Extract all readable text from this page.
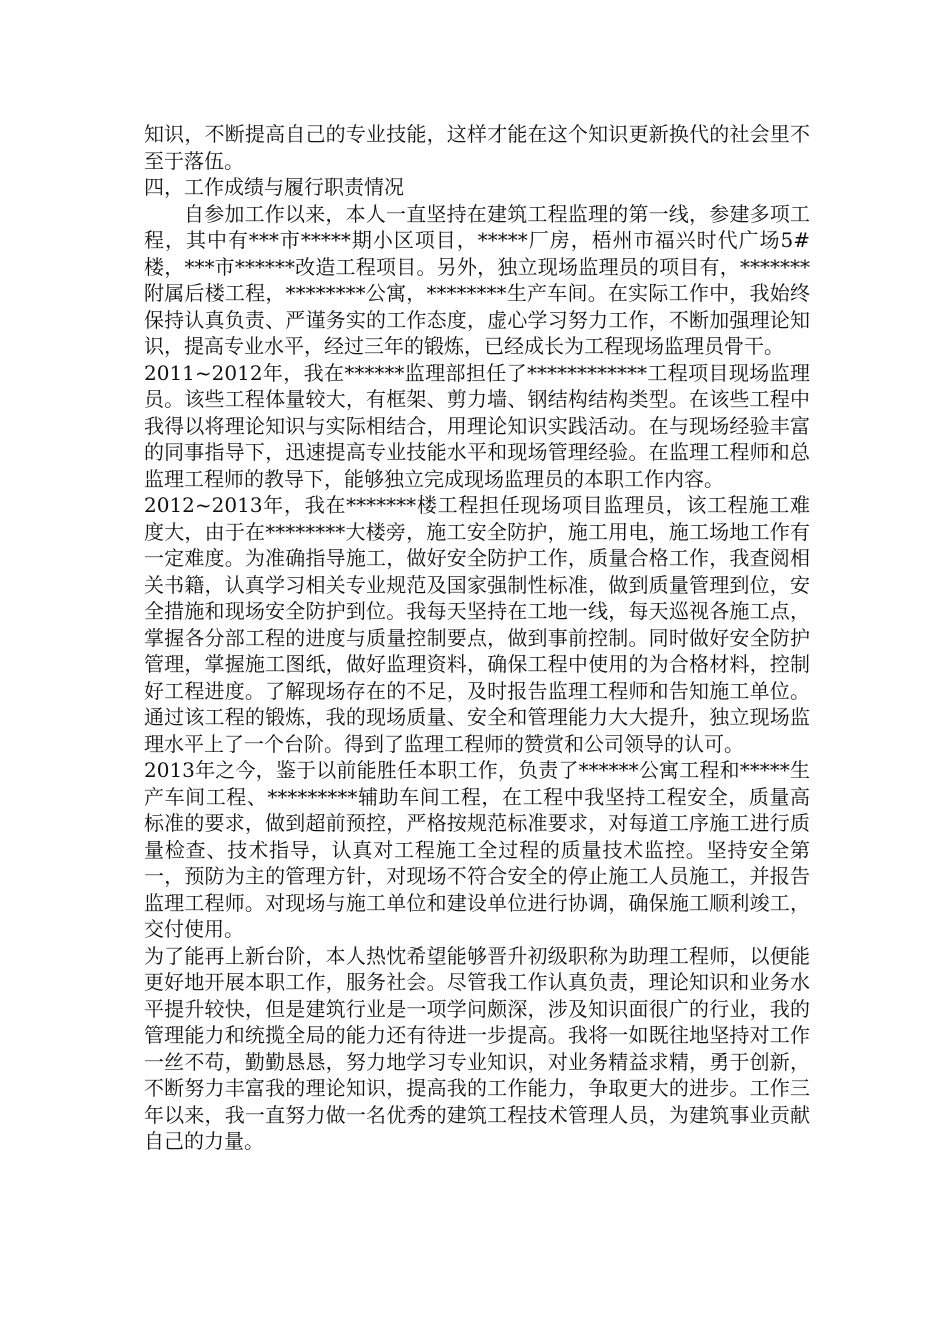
知识，不断提高自己的专业技能，这样才能在这个知识更新换代的社会里不至于落伍。

四，工作成绩与履行职责情况

自参加工作以来，本人一直坚持在建筑工程监理的第一线，参建多项工程，其中有***市*****期小区项目，*****厂房，梧州市福兴时代广场5#楼，***市******改造工程项目。另外，独立现场监理员的项目有，*******附属后楼工程，********公寓，********生产车间。在实际工作中，我始终保持认真负责、严谨务实的工作态度，虚心学习努力工作，不断加强理论知识，提高专业水平，经过三年的锻炼，已经成长为工程现场监理员骨干。

2011~2012年，我在******监理部担任了************工程项目现场监理员。该些工程体量较大，有框架、剪力墙、钢结构结构类型。在该些工程中我得以将理论知识与实际相结合，用理论知识实践活动。在与现场经验丰富的同事指导下，迅速提高专业技能水平和现场管理经验。在监理工程师和总监理工程师的教导下，能够独立完成现场监理员的本职工作内容。

2012~2013年，我在*******楼工程担任现场项目监理员，该工程施工难度大，由于在********大楼旁，施工安全防护，施工用电，施工场地工作有一定难度。为准确指导施工，做好安全防护工作，质量合格工作，我查阅相关书籍，认真学习相关专业规范及国家强制性标准，做到质量管理到位，安全措施和现场安全防护到位。我每天坚持在工地一线，每天巡视各施工点，掌握各分部工程的进度与质量控制要点，做到事前控制。同时做好安全防护管理，掌握施工图纸，做好监理资料，确保工程中使用的为合格材料，控制好工程进度。了解现场存在的不足，及时报告监理工程师和告知施工单位。通过该工程的锻炼，我的现场质量、安全和管理能力大大提升，独立现场监理水平上了一个台阶。得到了监理工程师的赞赏和公司领导的认可。

2013年之今，鉴于以前能胜任本职工作，负责了******公寓工程和*****生产车间工程、*********辅助车间工程，在工程中我坚持工程安全，质量高标准的要求，做到超前预控，严格按规范标准要求，对每道工序施工进行质量检查、技术指导，认真对工程施工全过程的质量技术监控。坚持安全第一，预防为主的管理方针，对现场不符合安全的停止施工人员施工，并报告监理工程师。对现场与施工单位和建设单位进行协调，确保施工顺利竣工，交付使用。

为了能再上新台阶，本人热忱希望能够晋升初级职称为助理工程师，以便能更好地开展本职工作，服务社会。尽管我工作认真负责，理论知识和业务水平提升较快，但是建筑行业是一项学问颇深，涉及知识面很广的行业，我的管理能力和统揽全局的能力还有待进一步提高。我将一如既往地坚持对工作一丝不苟，勤勤恳恳，努力地学习专业知识，对业务精益求精，勇于创新，不断努力丰富我的理论知识，提高我的工作能力，争取更大的进步。工作三年以来，我一直努力做一名优秀的建筑工程技术管理人员，为建筑事业贡献自己的力量。
